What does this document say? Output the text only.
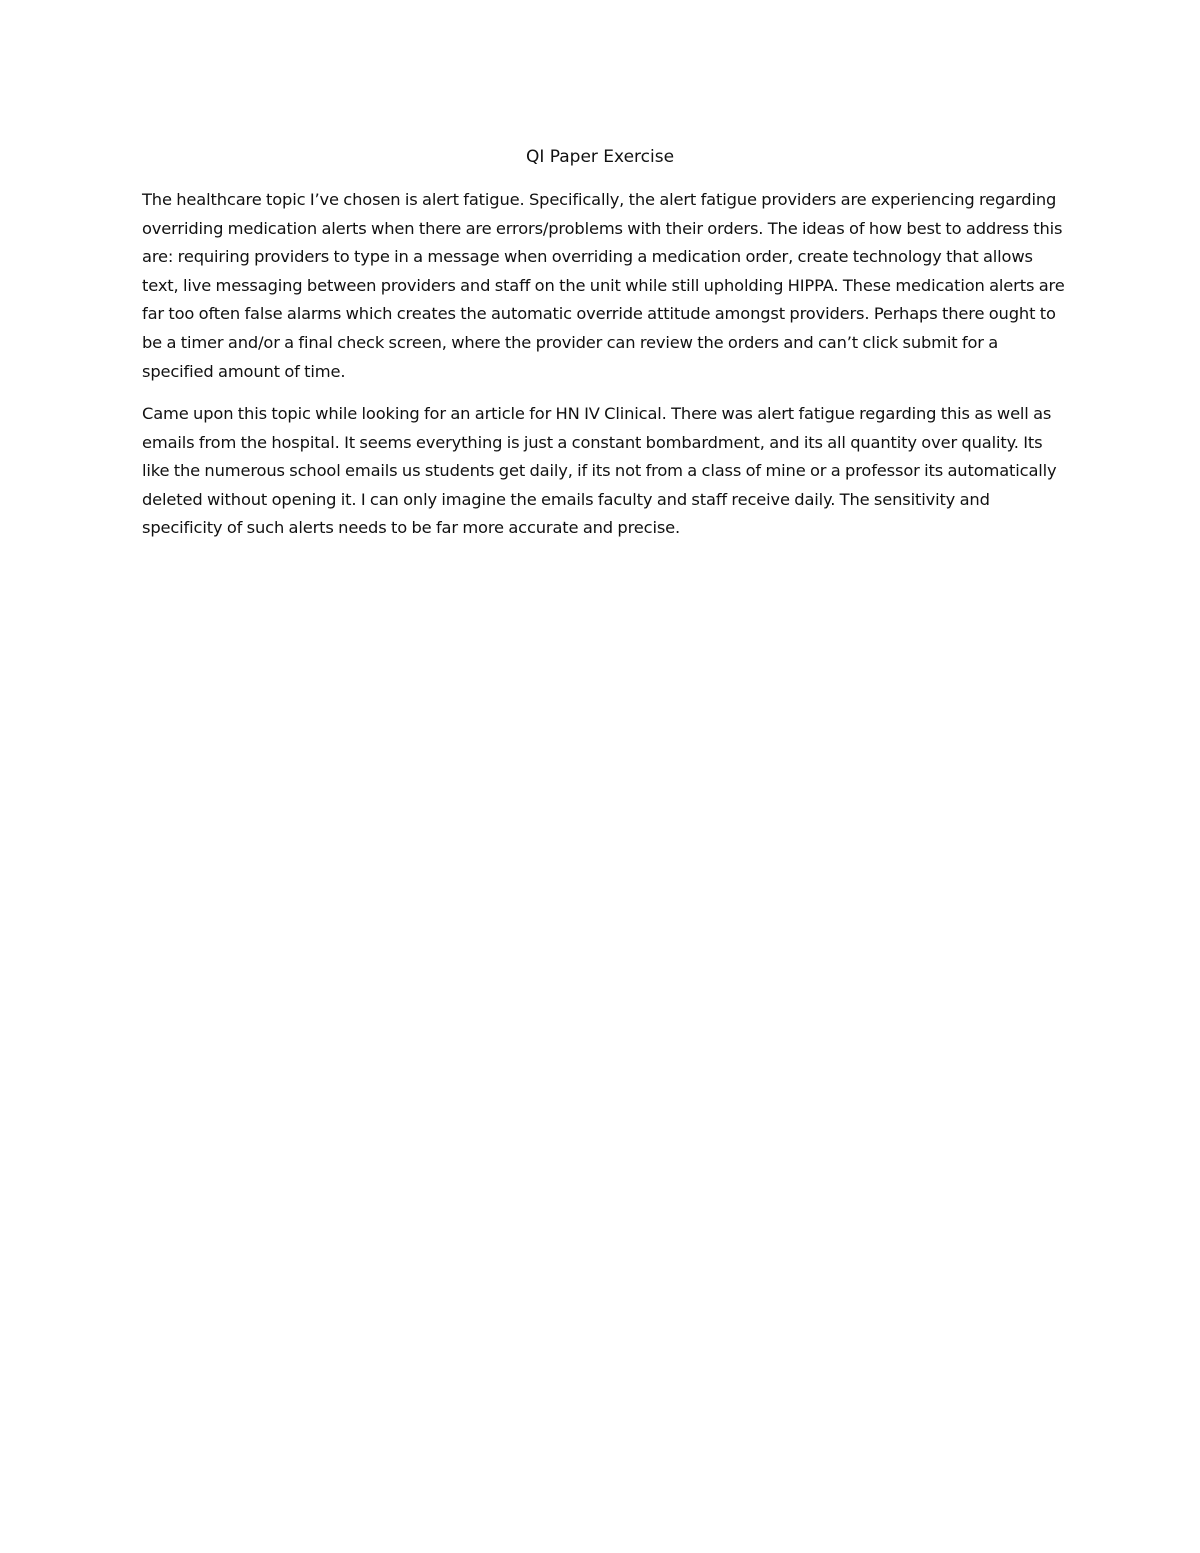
QI Paper Exercise

The healthcare topic I’ve chosen is alert fatigue. Specifically, the alert fatigue providers are experiencing regarding overriding medication alerts when there are errors/problems with their orders. The ideas of how best to address this are: requiring providers to type in a message when overriding a medication order, create technology that allows text, live messaging between providers and staff on the unit while still upholding HIPPA. These medication alerts are far too often false alarms which creates the automatic override attitude amongst providers. Perhaps there ought to be a timer and/or a final check screen, where the provider can review the orders and can’t click submit for a specified amount of time.

Came upon this topic while looking for an article for HN IV Clinical. There was alert fatigue regarding this as well as emails from the hospital. It seems everything is just a constant bombardment, and its all quantity over quality. Its like the numerous school emails us students get daily, if its not from a class of mine or a professor its automatically deleted without opening it. I can only imagine the emails faculty and staff receive daily. The sensitivity and specificity of such alerts needs to be far more accurate and precise.
